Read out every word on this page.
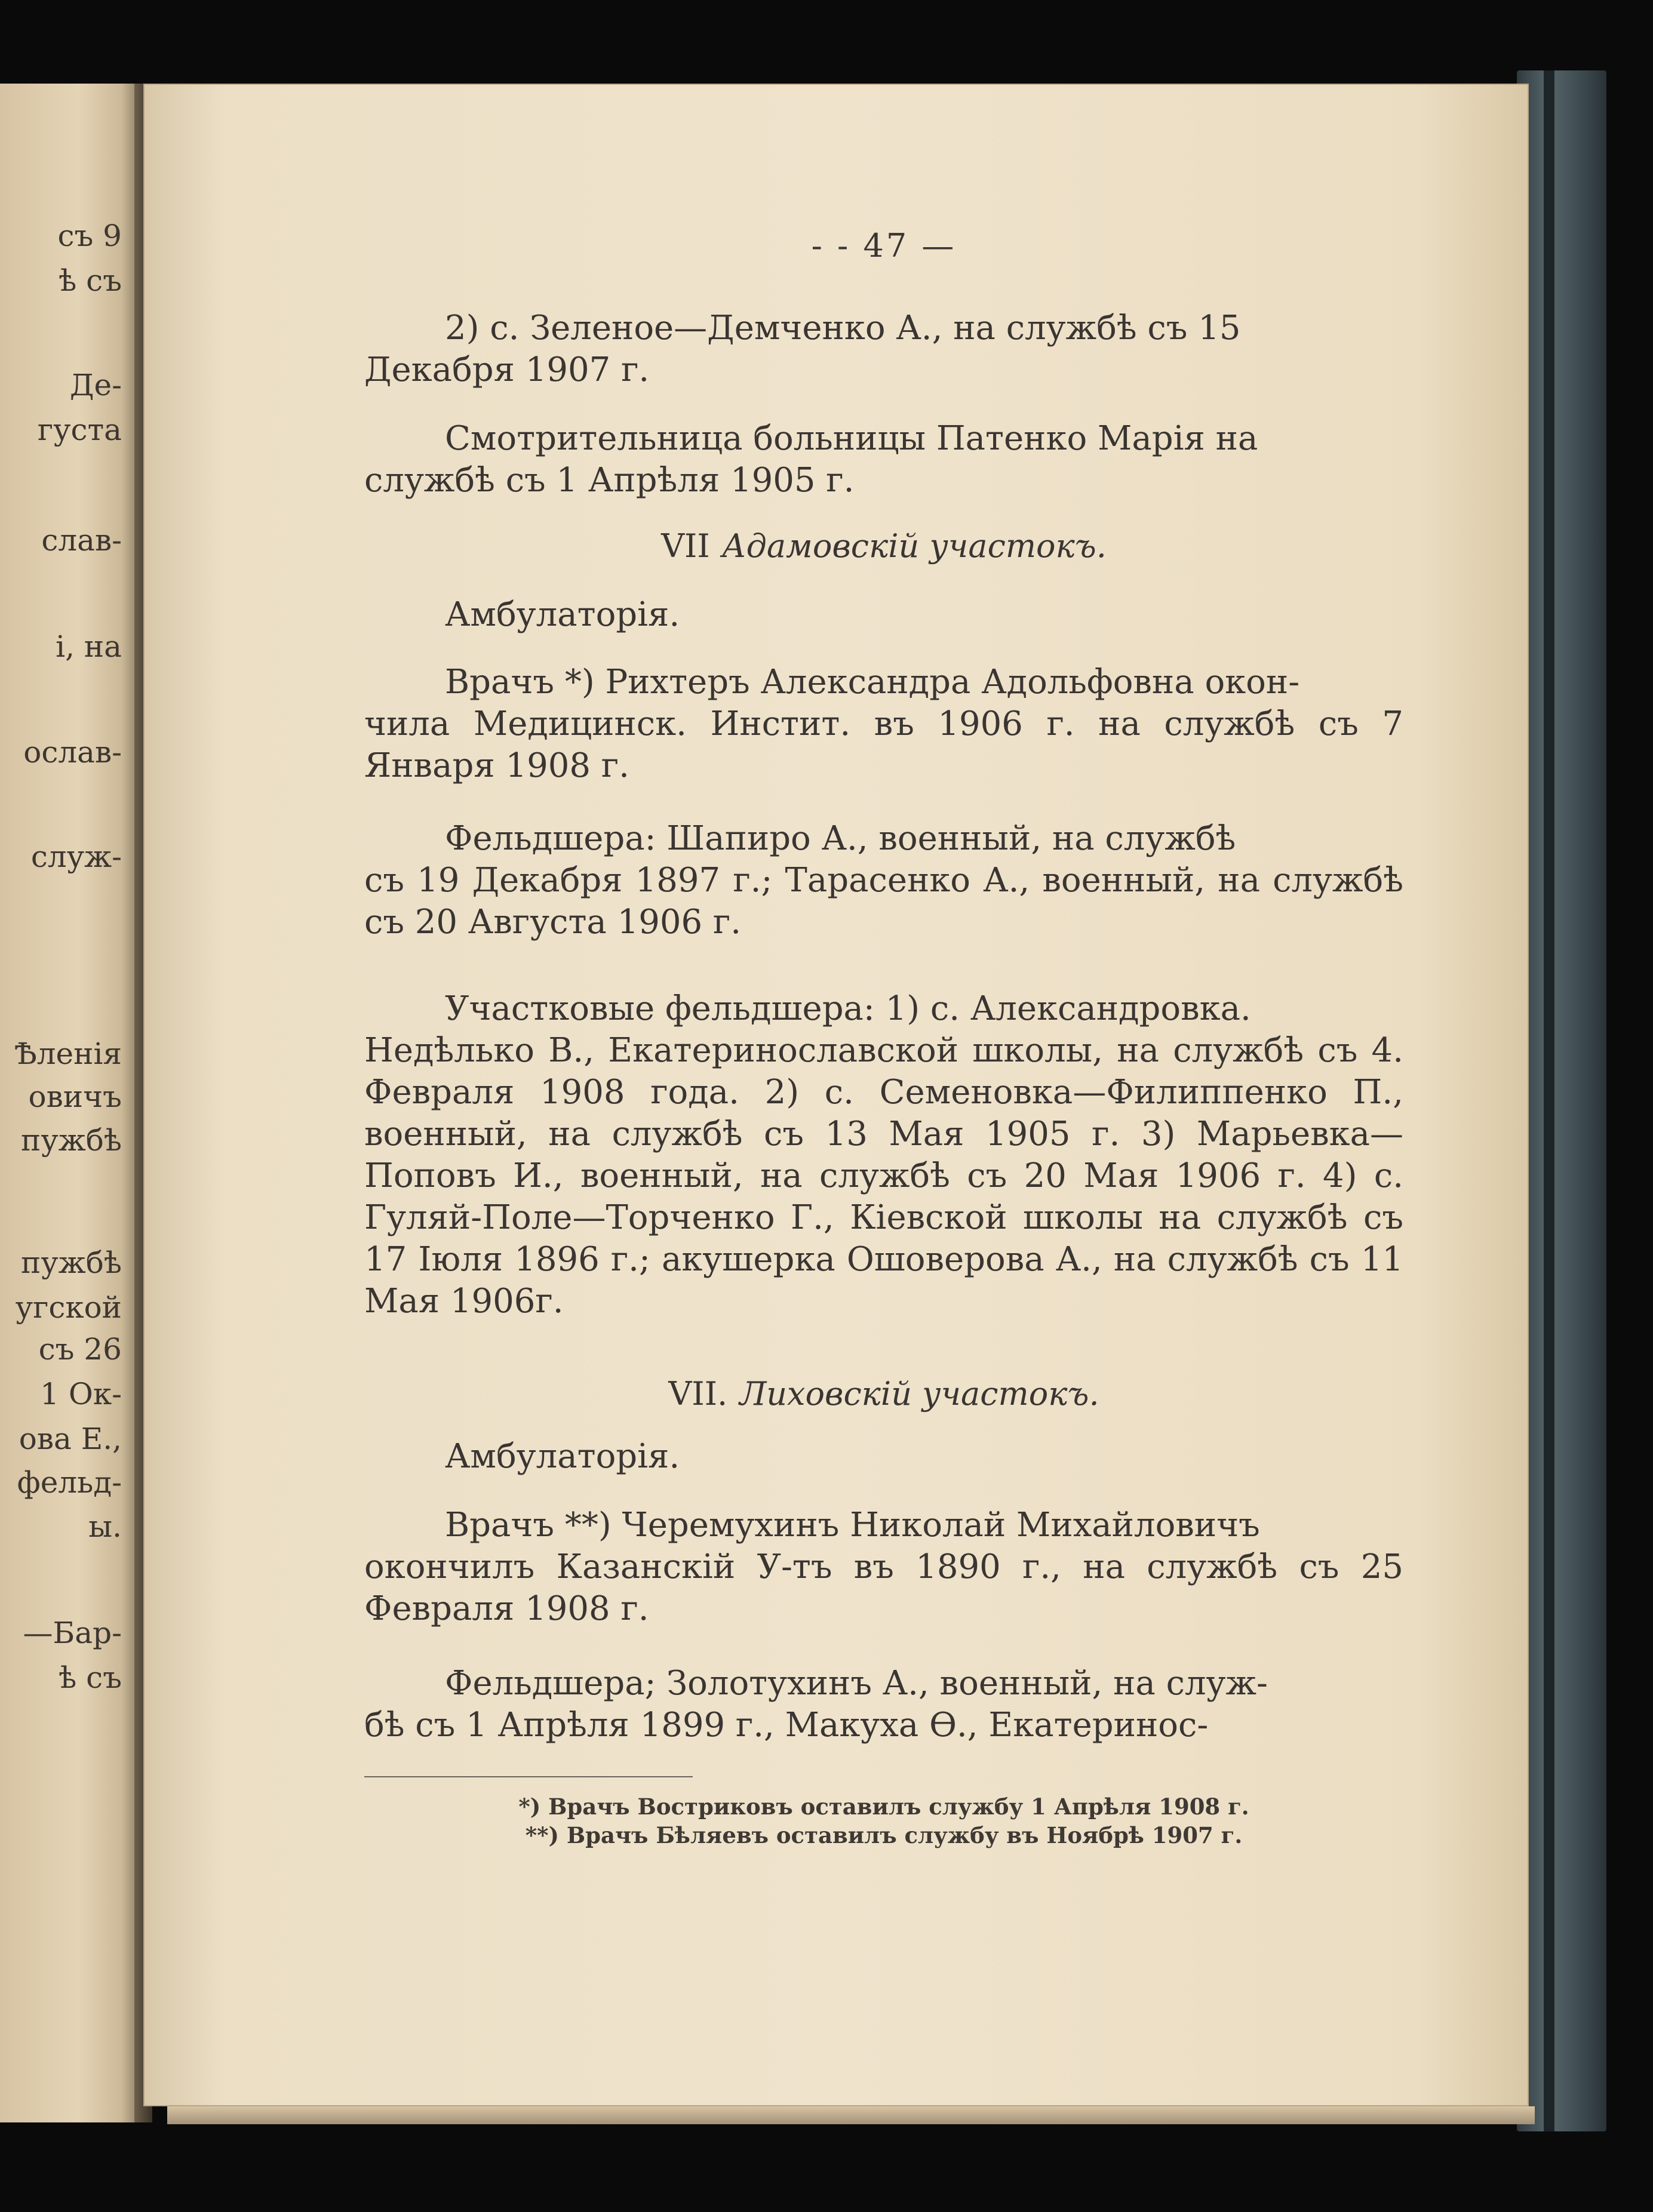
съ 9
ѣ съ
Де-
густа
слав-
і, на
ослав-
служ-
Ѣленія
овичъ
пужбѣ
пужбѣ
угской
съ 26
1 Ок-
ова Е.,
фельд-
ы.
—Бар-
ѣ съ
- - 47 —
2) с. Зеленое—Демченко А., на службѣ съ 15
Декабря 1907 г.
Смотрительница больницы Патенко Марія на
службѣ съ 1 Апрѣля 1905 г.
VII Адамовскій участокъ.
Амбулаторія.
Врачъ *) Рихтеръ Александра Адольфовна окон-
чила Медицинск. Инстит. въ 1906 г. на службѣ съ 7 Января 1908 г.
Фельдшера: Шапиро А., военный, на службѣ
съ 19 Декабря 1897 г.; Тарасенко А., военный, на службѣ съ 20 Августа 1906 г.
Участковые фельдшера: 1) с. Александровка.
Недѣлько В., Екатеринославской школы, на службѣ съ 4. Февраля 1908 года. 2) с. Семеновка—Филиппенко П., военный, на службѣ съ 13 Мая 1905 г. 3) Марьевка—Поповъ И., военный, на службѣ съ 20 Мая 1906 г. 4) с. Гуляй-Поле—Торченко Г., Кіевской школы на службѣ съ 17 Іюля 1896 г.; акушерка Ошоверова А., на службѣ съ 11 Мая 1906г.
VII. Лиховскій участокъ.
Амбулаторія.
Врачъ **) Черемухинъ Николай Михайловичъ
окончилъ Казанскій У-тъ въ 1890 г., на службѣ съ 25 Февраля 1908 г.
Фельдшера; Золотухинъ А., военный, на служ-
бѣ съ 1 Апрѣля 1899 г., Макуха Ѳ., Екатеринос-
*) Врачъ Востриковъ оставилъ службу 1 Апрѣля 1908 г.
**) Врачъ Бѣляевъ оставилъ службу въ Ноябрѣ 1907 г.
